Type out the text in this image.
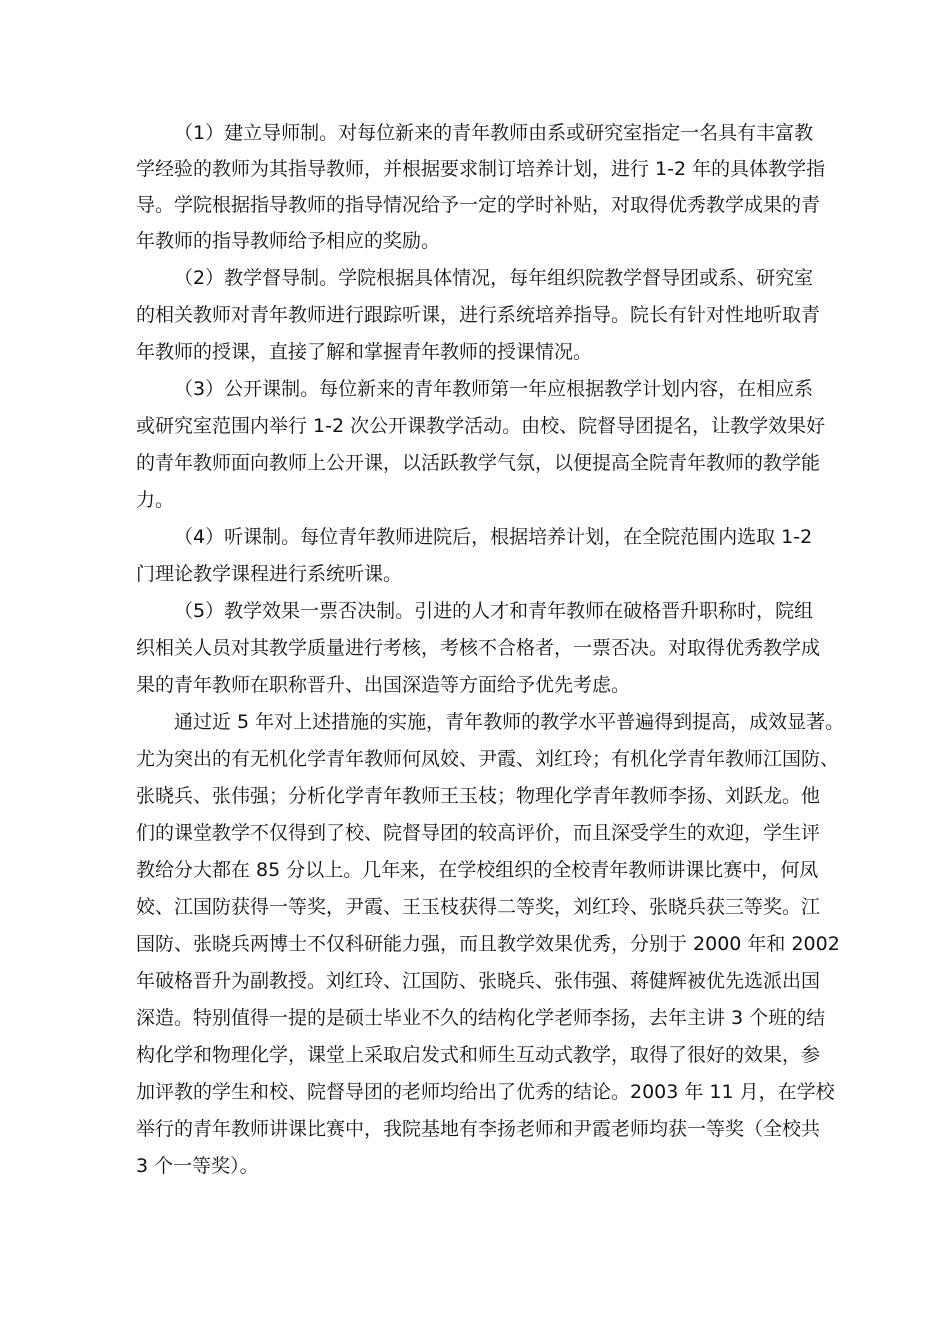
（1）建立导师制。对每位新来的青年教师由系或研究室指定一名具有丰富教
学经验的教师为其指导教师，并根据要求制订培养计划，进行 1-2 年的具体教学指
导。学院根据指导教师的指导情况给予一定的学时补贴，对取得优秀教学成果的青
年教师的指导教师给予相应的奖励。
（2）教学督导制。学院根据具体情况，每年组织院教学督导团或系、研究室
的相关教师对青年教师进行跟踪听课，进行系统培养指导。院长有针对性地听取青
年教师的授课，直接了解和掌握青年教师的授课情况。
（3）公开课制。每位新来的青年教师第一年应根据教学计划内容，在相应系
或研究室范围内举行 1-2 次公开课教学活动。由校、院督导团提名，让教学效果好
的青年教师面向教师上公开课，以活跃教学气氛，以便提高全院青年教师的教学能
力。
（4）听课制。每位青年教师进院后，根据培养计划，在全院范围内选取 1-2
门理论教学课程进行系统听课。
（5）教学效果一票否决制。引进的人才和青年教师在破格晋升职称时，院组
织相关人员对其教学质量进行考核，考核不合格者，一票否决。对取得优秀教学成
果的青年教师在职称晋升、出国深造等方面给予优先考虑。
通过近 5 年对上述措施的实施，青年教师的教学水平普遍得到提高，成效显著。
尤为突出的有无机化学青年教师何凤姣、尹霞、刘红玲；有机化学青年教师江国防、
张晓兵、张伟强；分析化学青年教师王玉枝；物理化学青年教师李扬、刘跃龙。他
们的课堂教学不仅得到了校、院督导团的较高评价，而且深受学生的欢迎，学生评
教给分大都在 85 分以上。几年来，在学校组织的全校青年教师讲课比赛中，何凤
姣、江国防获得一等奖，尹霞、王玉枝获得二等奖，刘红玲、张晓兵获三等奖。江
国防、张晓兵两博士不仅科研能力强，而且教学效果优秀，分别于 2000 年和 2002
年破格晋升为副教授。刘红玲、江国防、张晓兵、张伟强、蒋健辉被优先选派出国
深造。特别值得一提的是硕士毕业不久的结构化学老师李扬，去年主讲 3 个班的结
构化学和物理化学，课堂上采取启发式和师生互动式教学，取得了很好的效果，参
加评教的学生和校、院督导团的老师均给出了优秀的结论。2003 年 11 月，在学校
举行的青年教师讲课比赛中，我院基地有李扬老师和尹霞老师均获一等奖（全校共
3 个一等奖）。
